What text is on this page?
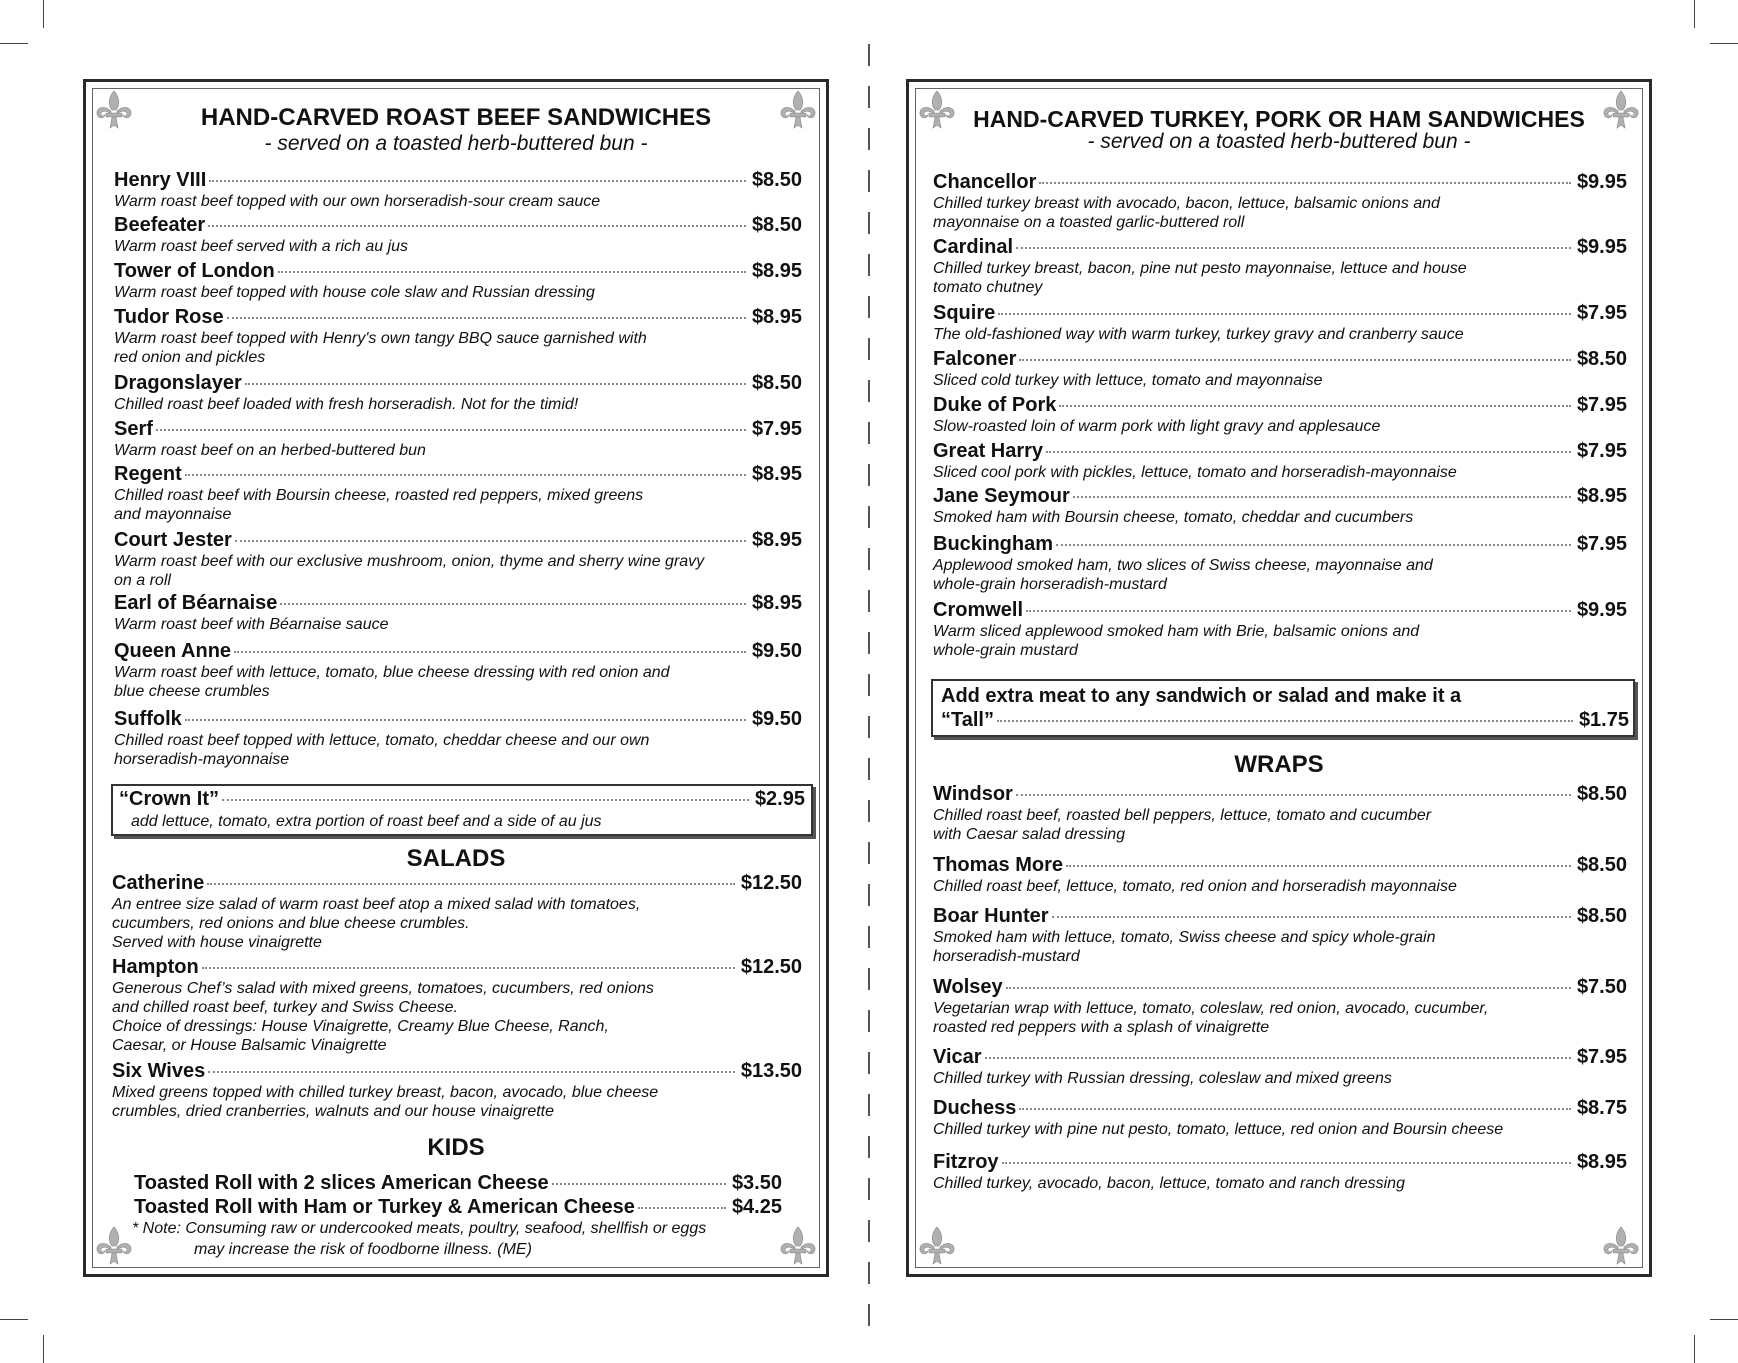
HAND-CARVED ROAST BEEF SANDWICHES
- served on a toasted herb-buttered bun -
Henry VIII	$8.50
Warm roast beef topped with our own horseradish-sour cream sauce
Beefeater	$8.50
Warm roast beef served with a rich au jus
Tower of London	$8.95
Warm roast beef topped with house cole slaw and Russian dressing
Tudor Rose	$8.95
Warm roast beef topped with Henry's own tangy BBQ sauce garnished with
red onion and pickles
Dragonslayer	$8.50
Chilled roast beef loaded with fresh horseradish. Not for the timid!
Serf	$7.95
Warm roast beef on an herbed-buttered bun
Regent	$8.95
Chilled roast beef with Boursin cheese, roasted red peppers, mixed greens
and mayonnaise
Court Jester	$8.95
Warm roast beef with our exclusive mushroom, onion, thyme and sherry wine gravy
on a roll
Earl of Béarnaise	$8.95
Warm roast beef with Béarnaise sauce
Queen Anne	$9.50
Warm roast beef with lettuce, tomato, blue cheese dressing with red onion and
blue cheese crumbles
Suffolk	$9.50
Chilled roast beef topped with lettuce, tomato, cheddar cheese and our own
horseradish-mayonnaise
“Crown It”	$2.95
add lettuce, tomato, extra portion of roast beef and a side of au jus
SALADS
Catherine	$12.50
An entree size salad of warm roast beef atop a mixed salad with tomatoes,
cucumbers, red onions and blue cheese crumbles.
Served with house vinaigrette
Hampton	$12.50
Generous Chef’s salad with mixed greens, tomatoes, cucumbers, red onions
and chilled roast beef, turkey and Swiss Cheese.
Choice of dressings: House Vinaigrette, Creamy Blue Cheese, Ranch,
Caesar, or House Balsamic Vinaigrette
Six Wives	$13.50
Mixed greens topped with chilled turkey breast, bacon, avocado, blue cheese
crumbles, dried cranberries, walnuts and our house vinaigrette
KIDS
Toasted Roll with 2 slices American Cheese	$3.50
Toasted Roll with Ham or Turkey & American Cheese	$4.25
* Note: Consuming raw or undercooked meats, poultry, seafood, shellfish or eggs
may increase the risk of foodborne illness. (ME)
HAND-CARVED TURKEY, PORK OR HAM SANDWICHES
- served on a toasted herb-buttered bun -
Chancellor	$9.95
Chilled turkey breast with avocado, bacon, lettuce, balsamic onions and
mayonnaise on a toasted garlic-buttered roll
Cardinal	$9.95
Chilled turkey breast, bacon, pine nut pesto mayonnaise, lettuce and house
tomato chutney
Squire	$7.95
The old-fashioned way with warm turkey, turkey gravy and cranberry sauce
Falconer	$8.50
Sliced cold turkey with lettuce, tomato and mayonnaise
Duke of Pork	$7.95
Slow-roasted loin of warm pork with light gravy and applesauce
Great Harry	$7.95
Sliced cool pork with pickles, lettuce, tomato and horseradish-mayonnaise
Jane Seymour	$8.95
Smoked ham with Boursin cheese, tomato, cheddar and cucumbers
Buckingham	$7.95
Applewood smoked ham, two slices of Swiss cheese, mayonnaise and
whole-grain horseradish-mustard
Cromwell	$9.95
Warm sliced applewood smoked ham with Brie, balsamic onions and
whole-grain mustard
Add extra meat to any sandwich or salad and make it a
“Tall”	$1.75
WRAPS
Windsor	$8.50
Chilled roast beef, roasted bell peppers, lettuce, tomato and cucumber
with Caesar salad dressing
Thomas More	$8.50
Chilled roast beef, lettuce, tomato, red onion and horseradish mayonnaise
Boar Hunter	$8.50
Smoked ham with lettuce, tomato, Swiss cheese and spicy whole-grain
horseradish-mustard
Wolsey	$7.50
Vegetarian wrap with lettuce, tomato, coleslaw, red onion, avocado, cucumber,
roasted red peppers with a splash of vinaigrette
Vicar	$7.95
Chilled turkey with Russian dressing, coleslaw and mixed greens
Duchess	$8.75
Chilled turkey with pine nut pesto, tomato, lettuce, red onion and Boursin cheese
Fitzroy	$8.95
Chilled turkey, avocado, bacon, lettuce, tomato and ranch dressing
